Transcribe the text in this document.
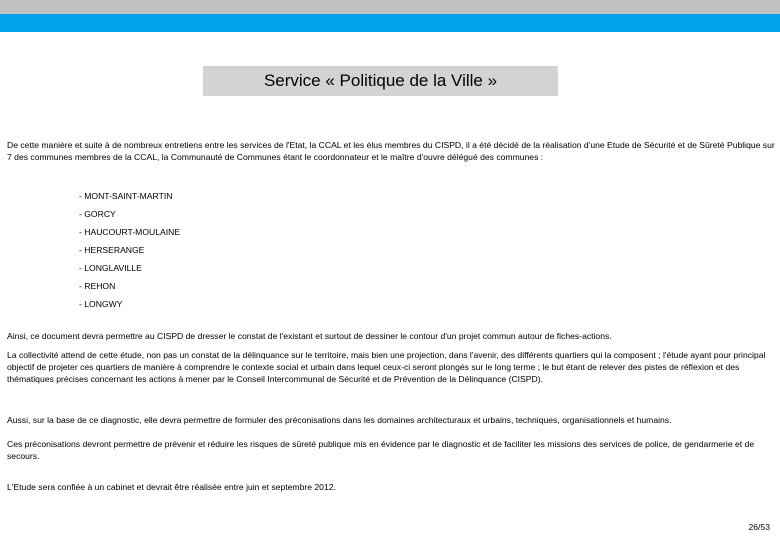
Service « Politique de la Ville »

De cette manière et suite à de nombreux entretiens entre les services de l'Etat, la CCAL et les élus membres du CISPD, il a été décidé de la réalisation d'une Etude de Sécurité et de Sûreté Publique sur 7 des communes membres de la CCAL, la Communauté de Communes étant le coordonnateur et le maître d'ouvre délégué des communes :

- MONT-SAINT-MARTIN
- GORCY
- HAUCOURT-MOULAINE
- HERSERANGE
- LONGLAVILLE
- REHON
- LONGWY

Ainsi, ce document devra permettre au CISPD de dresser le constat de l'existant et surtout de dessiner le contour d'un projet commun autour de fiches-actions.

La collectivité attend de cette étude, non pas un constat de la délinquance sur le territoire, mais bien une projection, dans l'avenir, des différents quartiers qui la composent ; l'étude ayant pour principal objectif de projeter ces quartiers de manière à comprendre le contexte social et urbain dans lequel ceux-ci seront plongés sur le long terme ; le but étant de relever des pistes de réflexion et des thématiques précises concernant les actions à mener par le Conseil Intercommunal de Sécurité et de Prévention de la Délinquance (CISPD).

Aussi, sur la base de ce diagnostic, elle devra permettre de formuler des préconisations dans les domaines architecturaux et urbains, techniques, organisationnels et humains.

Ces préconisations devront permettre de prévenir et réduire les risques de sûreté publique mis en évidence par le diagnostic et de faciliter les missions des services de police, de gendarmerie et de secours.

L'Etude sera confiée à un cabinet et devrait être réalisée entre juin et septembre 2012.

26/53
